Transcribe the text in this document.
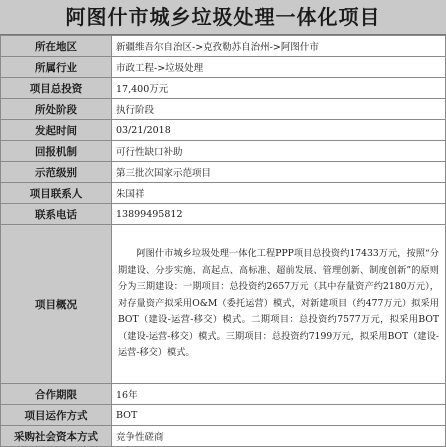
阿图什市城乡垃圾处理一体化项目
所在地区	新疆维吾尔自治区->克孜勒苏自治州->阿图什市
所属行业	市政工程->垃圾处理
项目总投资	17,400万元
所处阶段	执行阶段
发起时间	03/21/2018
回报机制	可行性缺口补助
示范级别	第三批次国家示范项目
项目联系人	朱国祥
联系电话	13899495812
项目概况	阿图什市城乡垃圾处理一体化工程PPP项目总投资约17433万元，按照“分期建设、分步实施、高起点、高标准、超前发展、管理创新、制度创新”的原则分为三期建设：一期项目：总投资约2657万元（其中存量资产约2180万元），对存量资产拟采用O&M（委托运营）模式，对新建项目（约477万元）拟采用BOT（建设-运营-移交）模式。二期项目：总投资约7577万元，拟采用BOT（建设-运营-移交）模式。三期项目：总投资约7199万元，拟采用BOT（建设-运营-移交）模式。
合作期限	16年
项目运作方式	BOT
采购社会资本方式	竞争性磋商
